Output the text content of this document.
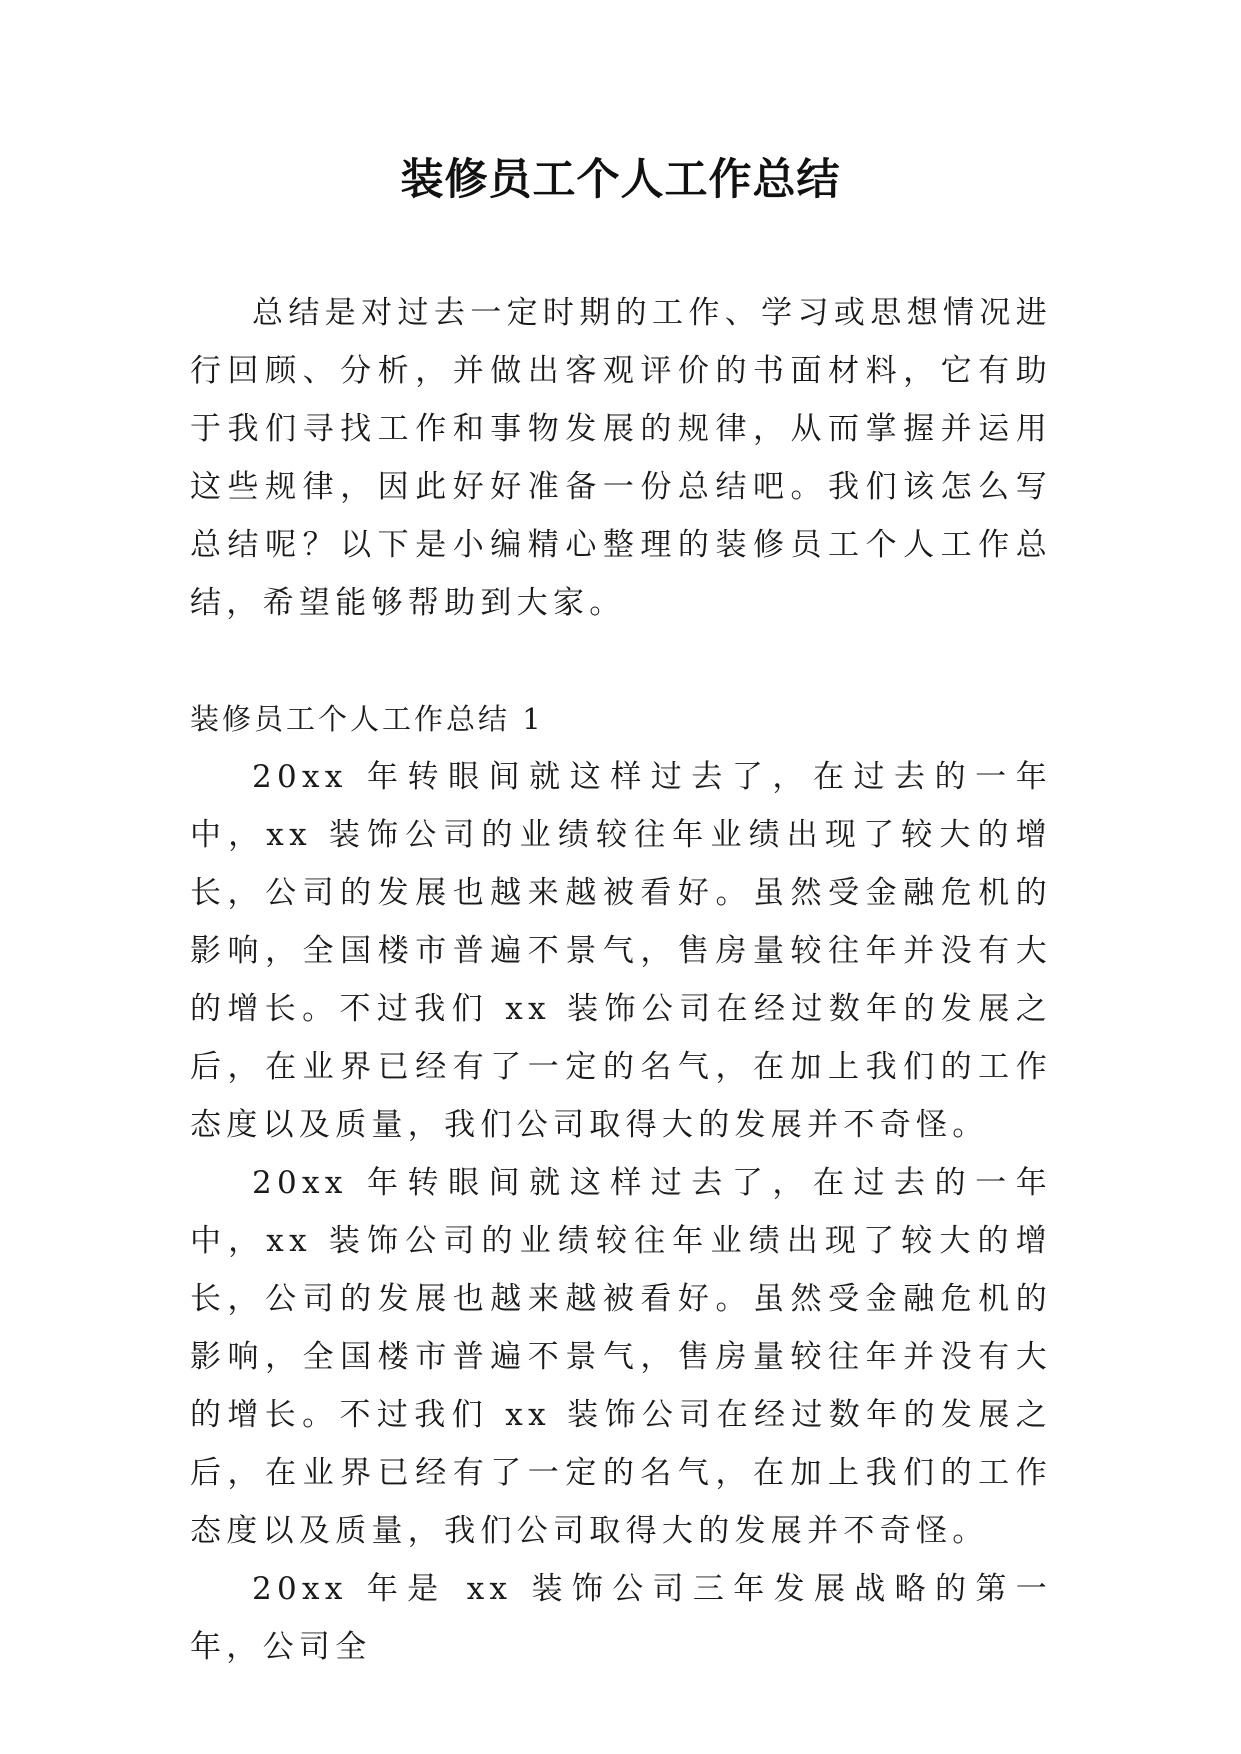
装修员工个人工作总结

总结是对过去一定时期的工作、学习或思想情况进行回顾、分析，并做出客观评价的书面材料，它有助于我们寻找工作和事物发展的规律，从而掌握并运用这些规律，因此好好准备一份总结吧。我们该怎么写总结呢？以下是小编精心整理的装修员工个人工作总结，希望能够帮助到大家。

装修员工个人工作总结 1

20xx 年转眼间就这样过去了，在过去的一年中，xx 装饰公司的业绩较往年业绩出现了较大的增长，公司的发展也越来越被看好。虽然受金融危机的影响，全国楼市普遍不景气，售房量较往年并没有大的增长。不过我们 xx 装饰公司在经过数年的发展之后，在业界已经有了一定的名气，在加上我们的工作态度以及质量，我们公司取得大的发展并不奇怪。

20xx 年转眼间就这样过去了，在过去的一年中，xx 装饰公司的业绩较往年业绩出现了较大的增长，公司的发展也越来越被看好。虽然受金融危机的影响，全国楼市普遍不景气，售房量较往年并没有大的增长。不过我们 xx 装饰公司在经过数年的发展之后，在业界已经有了一定的名气，在加上我们的工作态度以及质量，我们公司取得大的发展并不奇怪。

20xx 年是 xx 装饰公司三年发展战略的第一年，公司全
